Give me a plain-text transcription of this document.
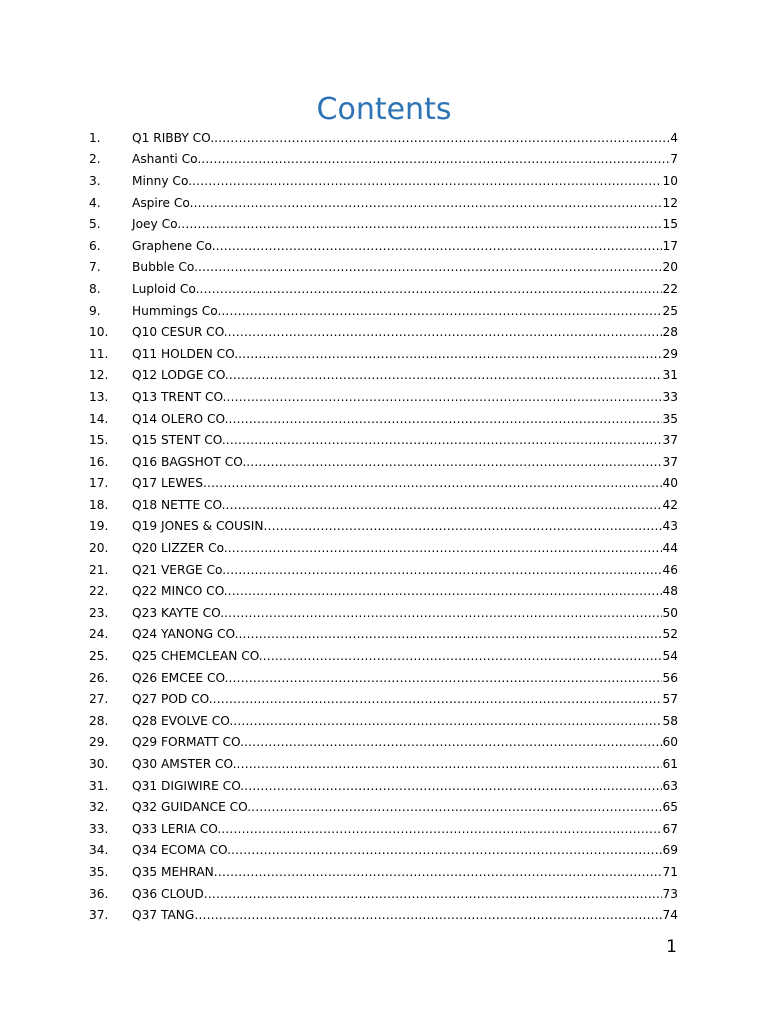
Contents
1.	Q1 RIBBY CO. .....	4
2.	Ashanti Co. .....	7
3.	Minny Co. .....	10
4.	Aspire Co. .....	12
5.	Joey Co. .....	15
6.	Graphene Co. .....	17
7.	Bubble Co. .....	20
8.	Luploid Co. .....	22
9.	Hummings Co. .....	25
10.	Q10 CESUR CO. .....	28
11.	Q11 HOLDEN CO. .....	29
12.	Q12 LODGE CO. .....	31
13.	Q13 TRENT CO. .....	33
14.	Q14 OLERO CO. .....	35
15.	Q15 STENT CO. .....	37
16.	Q16 BAGSHOT CO. .....	37
17.	Q17 LEWES .....	40
18.	Q18 NETTE CO. .....	42
19.	Q19 JONES & COUSIN .....	43
20.	Q20 LIZZER Co. .....	44
21.	Q21 VERGE Co. .....	46
22.	Q22 MINCO CO. .....	48
23.	Q23 KAYTE CO. .....	50
24.	Q24 YANONG CO. .....	52
25.	Q25 CHEMCLEAN CO. .....	54
26.	Q26 EMCEE CO. .....	56
27.	Q27 POD CO. .....	57
28.	Q28 EVOLVE CO. .....	58
29.	Q29 FORMATT CO. .....	60
30.	Q30 AMSTER CO. .....	61
31.	Q31 DIGIWIRE CO. .....	63
32.	Q32 GUIDANCE CO. .....	65
33.	Q33 LERIA CO. .....	67
34.	Q34 ECOMA CO. .....	69
35.	Q35 MEHRAN .....	71
36.	Q36 CLOUD .....	73
37.	Q37 TANG .....	74
1
